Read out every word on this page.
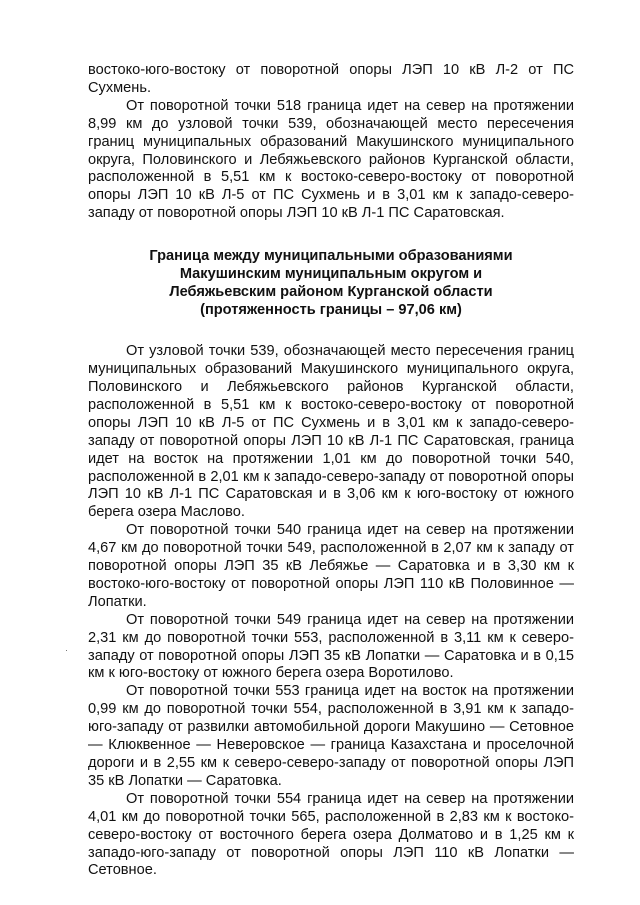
востоко-юго-востоку от поворотной опоры ЛЭП 10 кВ Л-2 от ПС Сухмень.

От поворотной точки 518 граница идет на север на протяжении 8,99 км до узловой точки 539, обозначающей место пересечения границ муниципальных образований Макушинского муниципального округа, Половинского и Лебяжьевского районов Курганской области, расположенной в 5,51 км к востоко-северо-востоку от поворотной опоры ЛЭП 10 кВ Л-5 от ПС Сухмень и в 3,01 км к западо-северо-западу от поворотной опоры ЛЭП 10 кВ Л-1 ПС Саратовская.

Граница между муниципальными образованиями
Макушинским муниципальным округом и
Лебяжьевским районом Курганской области
(протяженность границы – 97,06 км)

От узловой точки 539, обозначающей место пересечения границ муниципальных образований Макушинского муниципального округа, Половинского и Лебяжьевского районов Курганской области, расположенной в 5,51 км к востоко-северо-востоку от поворотной опоры ЛЭП 10 кВ Л-5 от ПС Сухмень и в 3,01 км к западо-северо-западу от поворотной опоры ЛЭП 10 кВ Л-1 ПС Саратовская, граница идет на восток на протяжении 1,01 км до поворотной точки 540, расположенной в 2,01 км к западо-северо-западу от поворотной опоры ЛЭП 10 кВ Л-1 ПС Саратовская и в 3,06 км к юго-востоку от южного берега озера Маслово.

От поворотной точки 540 граница идет на север на протяжении 4,67 км до поворотной точки 549, расположенной в 2,07 км к западу от поворотной опоры ЛЭП 35 кВ Лебяжье — Саратовка и в 3,30 км к востоко-юго-востоку от поворотной опоры ЛЭП 110 кВ Половинное — Лопатки.

От поворотной точки 549 граница идет на север на протяжении 2,31 км до поворотной точки 553, расположенной в 3,11 км к северо-западу от поворотной опоры ЛЭП 35 кВ Лопатки — Саратовка и в 0,15 км к юго-востоку от южного берега озера Воротилово.

От поворотной точки 553 граница идет на восток на протяжении 0,99 км до поворотной точки 554, расположенной в 3,91 км к западо-юго-западу от развилки автомобильной дороги Макушино — Сетовное — Клюквенное — Неверовское — граница Казахстана и проселочной дороги и в 2,55 км к северо-северо-западу от поворотной опоры ЛЭП 35 кВ Лопатки — Саратовка.

От поворотной точки 554 граница идет на север на протяжении 4,01 км до поворотной точки 565, расположенной в 2,83 км к востоко-северо-востоку от восточного берега озера Долматово и в 1,25 км к западо-юго-западу от поворотной опоры ЛЭП 110 кВ Лопатки — Сетовное.
